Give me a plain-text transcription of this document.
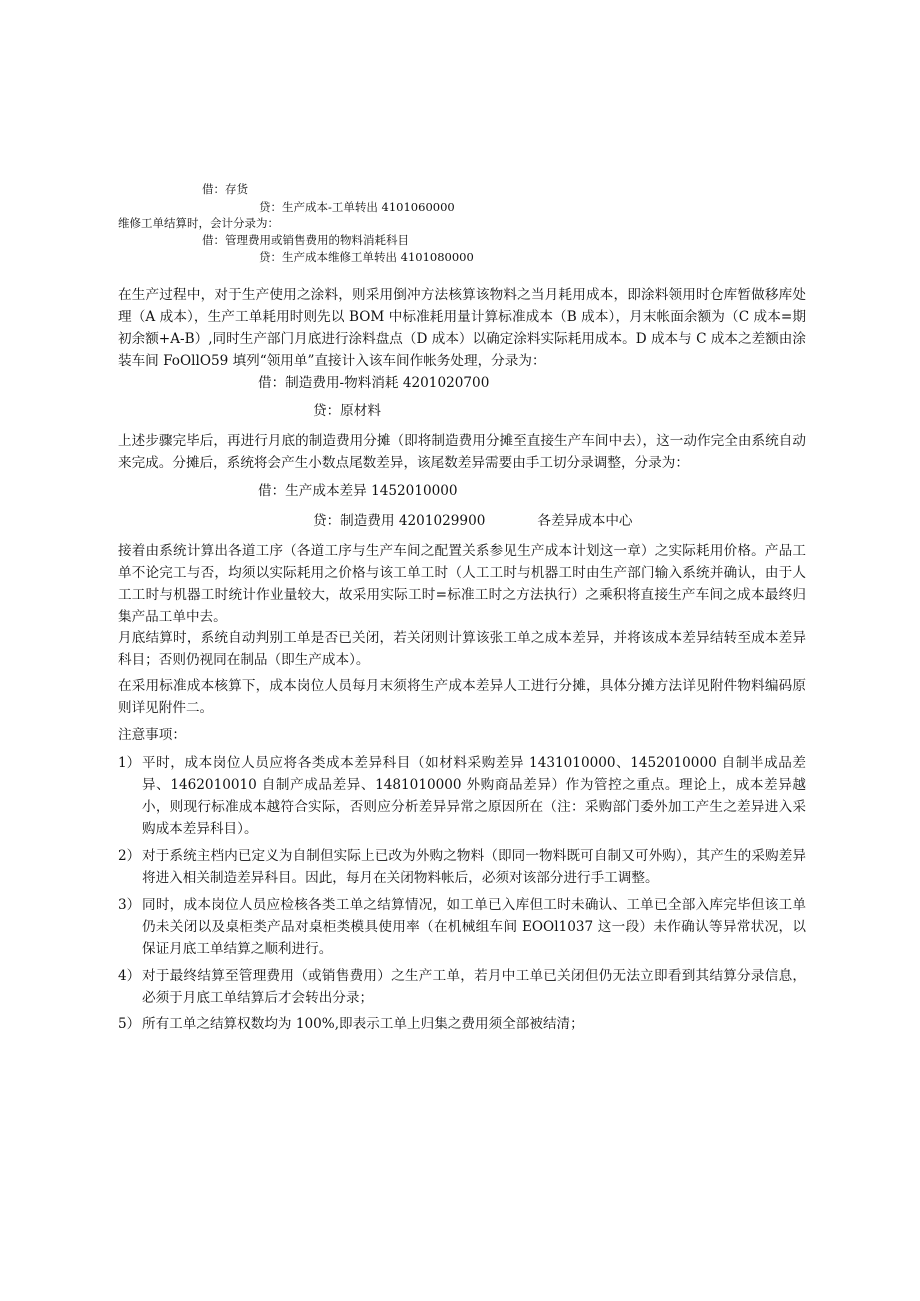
借：存货
贷：生产成本-工单转出 4101060000
维修工单结算时，会计分录为：
借：管理费用或销售费用的物料消耗科目
贷：生产成本维修工单转出 4101080000
在生产过程中，对于生产使用之涂料，则采用倒冲方法核算该物料之当月耗用成本，即涂料领用时仓库暂做移库处理（A 成本），生产工单耗用时则先以 BOM 中标准耗用量计算标准成本（B 成本），月末帐面余额为（C 成本=期初余额+A-B）,同时生产部门月底进行涂料盘点（D 成本）以确定涂料实际耗用成本。D 成本与 C 成本之差额由涂装车间 FoOllO59 填列“领用单”直接计入该车间作帐务处理，分录为：
借：制造费用-物料消耗 4201020700
贷：原材料
上述步骤完毕后，再进行月底的制造费用分摊（即将制造费用分摊至直接生产车间中去），这一动作完全由系统自动来完成。分摊后，系统将会产生小数点尾数差异，该尾数差异需要由手工切分录调整，分录为：
借：生产成本差异 1452010000
贷：制造费用 4201029900	各差异成本中心
接着由系统计算出各道工序（各道工序与生产车间之配置关系参见生产成本计划这一章）之实际耗用价格。产品工单不论完工与否，均须以实际耗用之价格与该工单工时（人工工时与机器工时由生产部门输入系统并确认，由于人工工时与机器工时统计作业量较大，故采用实际工时=标准工时之方法执行）之乘积将直接生产车间之成本最终归集产品工单中去。
月底结算时，系统自动判别工单是否已关闭，若关闭则计算该张工单之成本差异，并将该成本差异结转至成本差异科目；否则仍视同在制品（即生产成本）。
在采用标准成本核算下，成本岗位人员每月末须将生产成本差异人工进行分摊，具体分摊方法详见附件物料编码原则详见附件二。
注意事项：
1） 平时，成本岗位人员应将各类成本差异科目（如材料采购差异 1431010000、1452010000 自制半成品差异、1462010010 自制产成品差异、1481010000 外购商品差异）作为管控之重点。理论上，成本差异越小，则现行标准成本越符合实际，否则应分析差异异常之原因所在（注：采购部门委外加工产生之差异进入采购成本差异科目）。
2） 对于系统主档内已定义为自制但实际上已改为外购之物料（即同一物料既可自制又可外购），其产生的采购差异将进入相关制造差异科目。因此，每月在关闭物料帐后，必须对该部分进行手工调整。
3） 同时，成本岗位人员应检核各类工单之结算情况，如工单已入库但工时未确认、工单已全部入库完毕但该工单仍未关闭以及桌柜类产品对桌柜类模具使用率（在机械组车间 EOOl1037 这一段）未作确认等异常状况，以保证月底工单结算之顺利进行。
4） 对于最终结算至管理费用（或销售费用）之生产工单，若月中工单已关闭但仍无法立即看到其结算分录信息，必须于月底工单结算后才会转出分录；
5） 所有工单之结算权数均为 100%,即表示工单上归集之费用须全部被结清；
